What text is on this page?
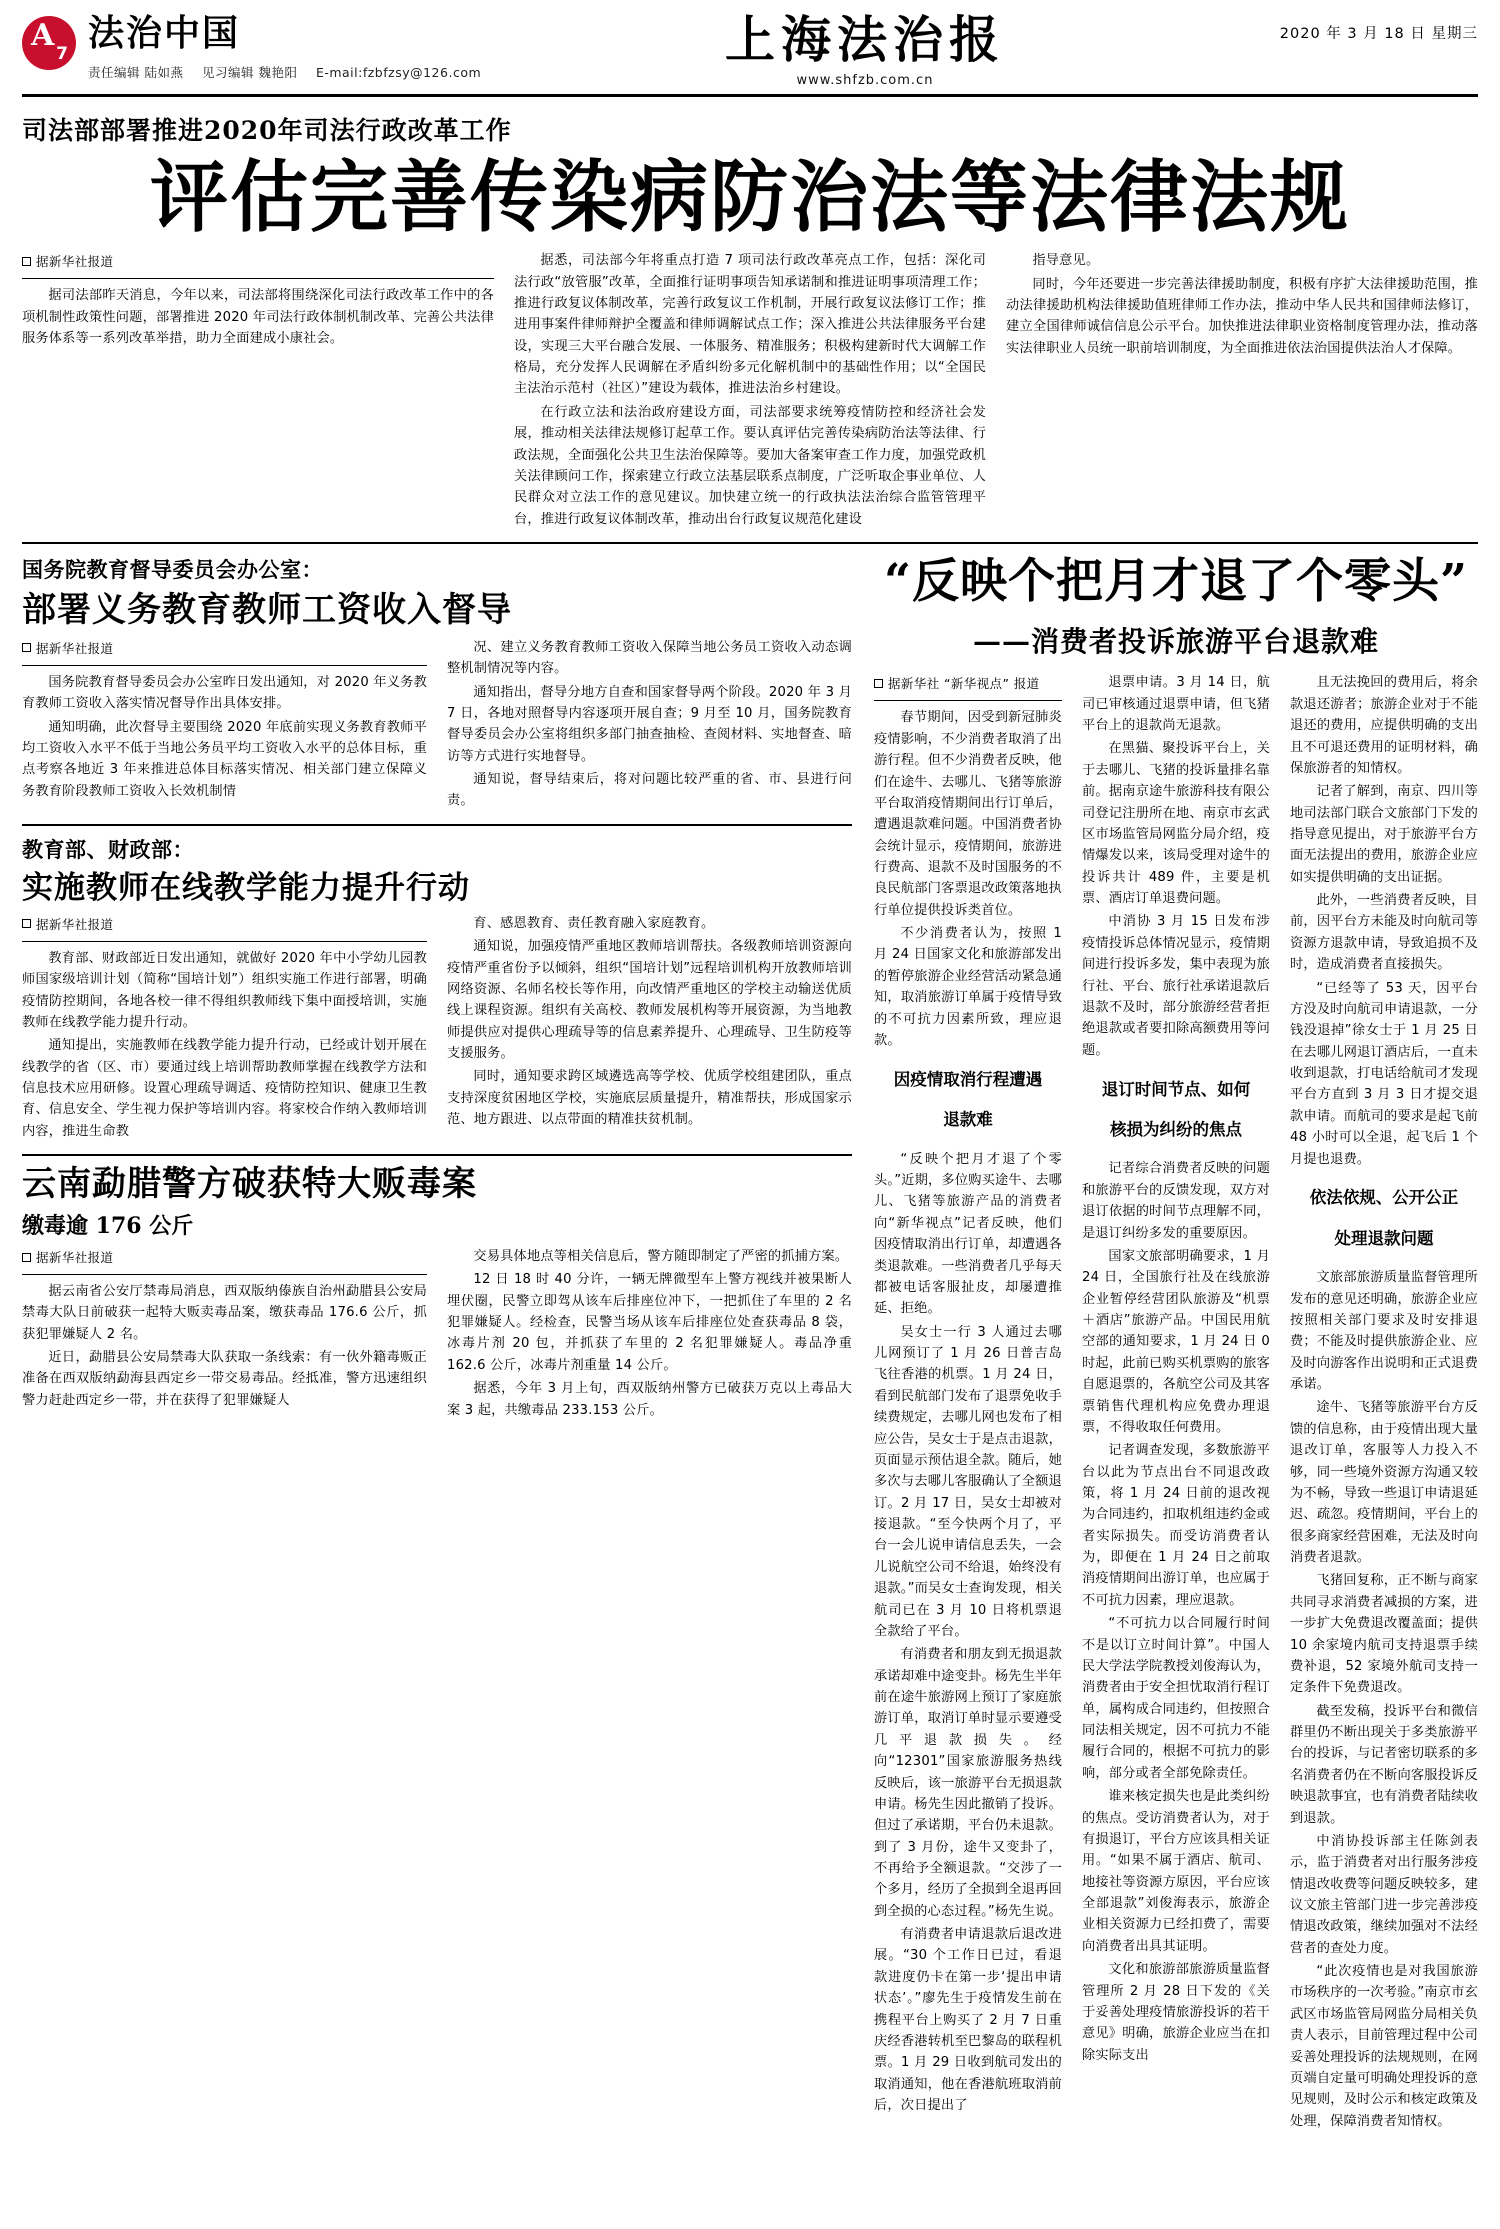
A
7 法治中国
责任编辑 陆如燕 见习编辑 魏艳阳 E-mail:fzbfzsy@126.com
上海法治报
www.shfzb.com.cn
2020 年 3 月 18 日 星期三
司法部部署推进2020年司法行政改革工作
评估完善传染病防治法等法律法规
据新华社报道

据司法部昨天消息，今年以来，司法部将围绕深化司法行政改革工作中的各项机制性政策性问题，部署推进 2020 年司法行政体制机制改革、完善公共法律服务体系等一系列改革举措，助力全面建成小康社会。

据悉，司法部今年将重点打造 7 项司法行政改革亮点工作，包括：深化司法行政“放管服”改革，全面推行证明事项告知承诺制和推进证明事项清理工作；推进行政复议体制改革，完善行政复议工作机制，开展行政复议法修订工作；推进用事案件律师辩护全覆盖和律师调解试点工作；深入推进公共法律服务平台建设，实现三大平台融合发展、一体服务、精准服务；积极构建新时代大调解工作格局，充分发挥人民调解在矛盾纠纷多元化解机制中的基础性作用；以“全国民主法治示范村（社区）”建设为载体，推进法治乡村建设。

在行政立法和法治政府建设方面，司法部要求统筹疫情防控和经济社会发展，推动相关法律法规修订起草工作。要认真评估完善传染病防治法等法律、行政法规，全面强化公共卫生法治保障等。要加大备案审查工作力度，加强党政机关法律顾问工作，探索建立行政立法基层联系点制度，广泛听取企事业单位、人民群众对立法工作的意见建议。加快建立统一的行政执法法治综合监管管理平台，推进行政复议体制改革，推动出台行政复议规范化建设

指导意见。

同时，今年还要进一步完善法律援助制度，积极有序扩大法律援助范围，推动法律援助机构法律援助值班律师工作办法，推动中华人民共和国律师法修订，建立全国律师诚信信息公示平台。加快推进法律职业资格制度管理办法，推动落实法律职业人员统一职前培训制度，为全面推进依法治国提供法治人才保障。

国务院教育督导委员会办公室：
部署义务教育教师工资收入督导
据新华社报道

国务院教育督导委员会办公室昨日发出通知，对 2020 年义务教育教师工资收入落实情况督导作出具体安排。

通知明确，此次督导主要围绕 2020 年底前实现义务教育教师平均工资收入水平不低于当地公务员平均工资收入水平的总体目标，重点考察各地近 3 年来推进总体目标落实情况、相关部门建立保障义务教育阶段教师工资收入长效机制情

况、建立义务教育教师工资收入保障当地公务员工资收入动态调整机制情况等内容。

通知指出，督导分地方自查和国家督导两个阶段。2020 年 3 月 7 日，各地对照督导内容逐项开展自查；9 月至 10 月，国务院教育督导委员会办公室将组织多部门抽查抽检、查阅材料、实地督查、暗访等方式进行实地督导。

通知说，督导结束后，将对问题比较严重的省、市、县进行问责。

教育部、财政部：
实施教师在线教学能力提升行动
据新华社报道

教育部、财政部近日发出通知，就做好 2020 年中小学幼儿园教师国家级培训计划（简称“国培计划”）组织实施工作进行部署，明确疫情防控期间，各地各校一律不得组织教师线下集中面授培训，实施教师在线教学能力提升行动。

通知提出，实施教师在线教学能力提升行动，已经或计划开展在线教学的省（区、市）要通过线上培训帮助教师掌握在线教学方法和信息技术应用研修。设置心理疏导调适、疫情防控知识、健康卫生教育、信息安全、学生视力保护等培训内容。将家校合作纳入教师培训内容，推进生命教

育、感恩教育、责任教育融入家庭教育。

通知说，加强疫情严重地区教师培训帮扶。各级教师培训资源向疫情严重省份予以倾斜，组织“国培计划”远程培训机构开放教师培训网络资源、名师名校长等作用，向改情严重地区的学校主动输送优质线上课程资源。组织有关高校、教师发展机构等开展资源，为当地教师提供应对提供心理疏导等的信息素养提升、心理疏导、卫生防疫等支援服务。

同时，通知要求跨区域遴选高等学校、优质学校组建团队，重点支持深度贫困地区学校，实施底层质量提升，精准帮扶，形成国家示范、地方跟进、以点带面的精准扶贫机制。

云南勐腊警方破获特大贩毒案
缴毒逾 176 公斤
据新华社报道

据云南省公安厅禁毒局消息，西双版纳傣族自治州勐腊县公安局禁毒大队日前破获一起特大贩卖毒品案，缴获毒品 176.6 公斤，抓获犯罪嫌疑人 2 名。

近日，勐腊县公安局禁毒大队获取一条线索：有一伙外籍毒贩正准备在西双版纳勐海县西定乡一带交易毒品。经抵准，警方迅速组织警力赶赴西定乡一带，并在获得了犯罪嫌疑人

交易具体地点等相关信息后，警方随即制定了严密的抓捕方案。

12 日 18 时 40 分许，一辆无牌微型车上警方视线并被果断人埋伏圈，民警立即驾从该车后排座位冲下，一把抓住了车里的 2 名犯罪嫌疑人。经检查，民警当场从该车后排座位处查获毒品 8 袋，冰毒片剂 20 包，并抓获了车里的 2 名犯罪嫌疑人。毒品净重 162.6 公斤，冰毒片剂重量 14 公斤。

据悉，今年 3 月上旬，西双版纳州警方已破获万克以上毒品大案 3 起，共缴毒品 233.153 公斤。

“反映个把月才退了个零头”
——消费者投诉旅游平台退款难
据新华社 “新华视点” 报道

春节期间，因受到新冠肺炎疫情影响，不少消费者取消了出游行程。但不少消费者反映，他们在途牛、去哪儿、飞猪等旅游平台取消疫情期间出行订单后，遭遇退款难问题。中国消费者协会统计显示，疫情期间，旅游进行费高、退款不及时国服务的不良民航部门客票退改政策落地执行单位提供投诉类首位。

不少消费者认为，按照 1 月 24 日国家文化和旅游部发出的暂停旅游企业经营活动紧急通知，取消旅游订单属于疫情导致的不可抗力因素所致，理应退款。

因疫情取消行程遭遇

退款难

“反映个把月才退了个零头。”近期，多位购买途牛、去哪儿、飞猪等旅游产品的消费者向“新华视点”记者反映，他们因疫情取消出行订单，却遭遇各类退款难。一些消费者几乎每天都被电话客服扯皮，却屡遭推延、拒绝。

吴女士一行 3 人通过去哪儿网预订了 1 月 26 日普吉岛飞往香港的机票。1 月 24 日，看到民航部门发布了退票免收手续费规定，去哪儿网也发布了相应公告，吴女士于是点击退款，页面显示预估退全款。随后，她多次与去哪儿客服确认了全额退订。2 月 17 日，吴女士却被对接退款。“至今快两个月了，平台一会儿说申请信息丢失，一会儿说航空公司不给退，始终没有退款。”而吴女士查询发现，相关航司已在 3 月 10 日将机票退全款给了平台。

有消费者和朋友到无损退款承诺却难中途变卦。杨先生半年前在途牛旅游网上预订了家庭旅游订单，取消订单时显示要遵受几平退款损失。经向“12301”国家旅游服务热线反映后，该一旅游平台无损退款申请。杨先生因此撤销了投诉。但过了承诺期，平台仍未退款。到了 3 月份，途牛又变卦了，不再给予全额退款。“交涉了一个多月，经历了全损到全退再回到全损的心态过程。”杨先生说。

有消费者申请退款后退改进展。“30 个工作日已过，看退款进度仍卡在第一步‘提出申请状态’。”廖先生于疫情发生前在携程平台上购买了 2 月 7 日重庆经香港转机至巴黎岛的联程机票。1 月 29 日收到航司发出的取消通知，他在香港航班取消前后，次日提出了

退票申请。3 月 14 日，航司已审核通过退票申请，但飞猪平台上的退款尚无退款。

在黑猫、聚投诉平台上，关于去哪儿、飞猪的投诉量排名靠前。据南京途牛旅游科技有限公司登记注册所在地、南京市玄武区市场监管局网监分局介绍，疫情爆发以来，该局受理对途牛的投诉共计 489 件，主要是机票、酒店订单退费问题。

中消协 3 月 15 日发布涉疫情投诉总体情况显示，疫情期间进行投诉多发，集中表现为旅行社、平台、旅行社承诺退款后退款不及时，部分旅游经营者拒绝退款或者要扣除高额费用等问题。

退订时间节点、如何

核损为纠纷的焦点

记者综合消费者反映的问题和旅游平台的反馈发现，双方对退订依据的时间节点理解不同，是退订纠纷多发的重要原因。

国家文旅部明确要求，1 月 24 日，全国旅行社及在线旅游企业暂停经营团队旅游及“机票＋酒店”旅游产品。中国民用航空部的通知要求，1 月 24 日 0 时起，此前已购买机票购的旅客自愿退票的，各航空公司及其客票销售代理机构应免费办理退票，不得收取任何费用。

记者调查发现，多数旅游平台以此为节点出台不同退改政策，将 1 月 24 日前的退改视为合同违约，扣取机组违约金或者实际损失。而受访消费者认为，即便在 1 月 24 日之前取消疫情期间出游订单，也应属于不可抗力因素，理应退款。

“不可抗力以合同履行时间不是以订立时间计算”。中国人民大学法学院教授刘俊海认为，消费者由于安全担忧取消行程订单，属构成合同违约，但按照合同法相关规定，因不可抗力不能履行合同的，根据不可抗力的影响，部分或者全部免除责任。

谁来核定损失也是此类纠纷的焦点。受访消费者认为，对于有损退订，平台方应该具相关证用。“如果不属于酒店、航司、地接社等资源方原因，平台应该全部退款”刘俊海表示，旅游企业相关资源力已经扣费了，需要向消费者出具其证明。

文化和旅游部旅游质量监督管理所 2 月 28 日下发的《关于妥善处理疫情旅游投诉的若干意见》明确，旅游企业应当在扣除实际支出

且无法挽回的费用后，将余款退还游者；旅游企业对于不能退还的费用，应提供明确的支出且不可退还费用的证明材料，确保旅游者的知情权。

记者了解到，南京、四川等地司法部门联合文旅部门下发的指导意见提出，对于旅游平台方面无法提出的费用，旅游企业应如实提供明确的支出证据。

此外，一些消费者反映，目前，因平台方未能及时向航司等资源方退款申请，导致追损不及时，造成消费者直接损失。

“已经等了 53 天，因平台方没及时向航司申请退款，一分钱没退掉”徐女士于 1 月 25 日在去哪儿网退订酒店后，一直未收到退款，打电话给航司才发现平台方直到 3 月 3 日才提交退款申请。而航司的要求是起飞前 48 小时可以全退，起飞后 1 个月提也退费。

依法依规、公开公正

处理退款问题

文旅部旅游质量监督管理所发布的意见还明确，旅游企业应按照相关部门要求及时安排退费；不能及时提供旅游企业、应及时向游客作出说明和正式退费承诺。

途牛、飞猪等旅游平台方反馈的信息称，由于疫情出现大量退改订单，客服等人力投入不够，同一些境外资源方沟通又较为不畅，导致一些退订申请退延迟、疏忽。疫情期间，平台上的很多商家经营困难，无法及时向消费者退款。

飞猪回复称，正不断与商家共同寻求消费者减损的方案，进一步扩大免费退改覆盖面；提供 10 余家境内航司支持退票手续费补退，52 家境外航司支持一定条件下免费退改。

截至发稿，投诉平台和微信群里仍不断出现关于多类旅游平台的投诉，与记者密切联系的多名消费者仍在不断向客服投诉反映退款事宜，也有消费者陆续收到退款。

中消协投诉部主任陈剑表示，监于消费者对出行服务涉疫情退改收费等问题反映较多，建议文旅主管部门进一步完善涉疫情退改政策，继续加强对不法经营者的查处力度。

“此次疫情也是对我国旅游市场秩序的一次考验。”南京市玄武区市场监管局网监分局相关负责人表示，目前管理过程中公司妥善处理投诉的法规规则，在网页端自定量可明确处理投诉的意见规则，及时公示和核定政策及处理，保障消费者知情权。
